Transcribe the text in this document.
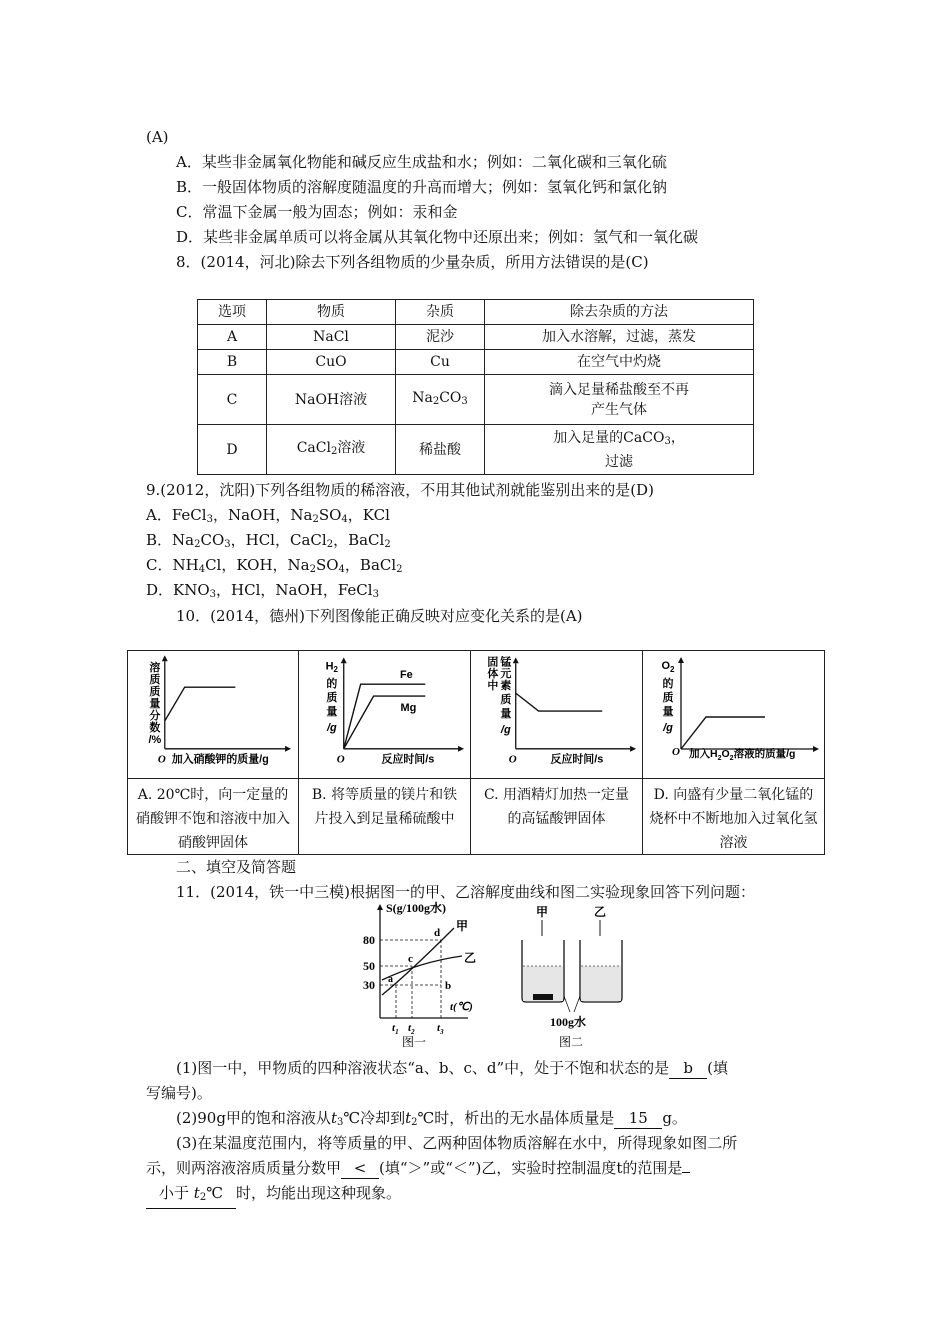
(A)
A．某些非金属氧化物能和碱反应生成盐和水；例如：二氧化碳和三氧化硫
B．一般固体物质的溶解度随温度的升高而增大；例如：氢氧化钙和氯化钠
C．常温下金属一般为固态；例如：汞和金
D．某些非金属单质可以将金属从其氧化物中还原出来；例如：氢气和一氧化碳
8．(2014，河北)除去下列各组物质的少量杂质，所用方法错误的是(C)
选项	物质	杂质	除去杂质的方法
A	NaCl	泥沙	加入水溶解，过滤，蒸发
B	CuO	Cu	在空气中灼烧
C	NaOH溶液	$Na_2CO_3$	滴入足量稀盐酸至不再
产生气体

D	CaCl$_2$溶液	稀盐酸	加入足量的CaCO$_3$，
过滤
9.(2012，沈阳)下列各组物质的稀溶液，不用其他试剂就能鉴别出来的是(D)
A．FeCl$_3$，NaOH，$Na_2SO_4$，KCl
B．$Na_2CO_3$，HCl，CaCl$_2$，BaCl$_2$
C．$NH_4Cl$，KOH，$Na_2SO_4$，BaCl$_2$
D．$KNO_3$，HCl，NaOH，FeCl$_3$
10．(2014，德州)下列图像能正确反映对应变化关系的是(A)
溶
质
质
量
分
数
/%
O 加入硝酸钾的质量/g
A. 20℃时，向一定量的硝酸钾不饱和溶液中加入硝酸钾固体
$H_2$
的
质
量
/g
Fe
Mg
O	反应时间/s
B. 将等质量的镁片和铁片投入到足量稀硫酸中
固
体
中
锰
元
素
质
量
/g
O	反应时间/s
C. 用酒精灯加热一定量的高锰酸钾固体
$O_2$
的
质
量
/g
O 加入$H_2O_2$溶液的质量/g
D. 向盛有少量二氧化锰的烧杯中不断地加入过氧化氢溶液
二、填空及简答题
11．(2014，铁一中三模)根据图一的甲、乙溶解度曲线和图二实验现象回答下列问题：
S(g/100g水)
80
50
30
甲
乙
d
c
a
b
t(℃)
$t_1$ $t_2$ $t_3$
图一
甲	乙
100g水
图二
(1)图一中，甲物质的四种溶液状态“a、b、c、d”中，处于不饱和状态的是 b (填
写编号)。
(2)90g甲的饱和溶液从$t_3℃$冷却到$t_2℃$时，析出的无水晶体质量是 15 g。
(3)在某温度范围内，将等质量的甲、乙两种固体物质溶解在水中，所得现象如图二所
示，则两溶液溶质质量分数甲 < (填“＞”或“＜”)乙，实验时控制温度t的范围是
小于 $t_2℃$ 时，均能出现这种现象。
